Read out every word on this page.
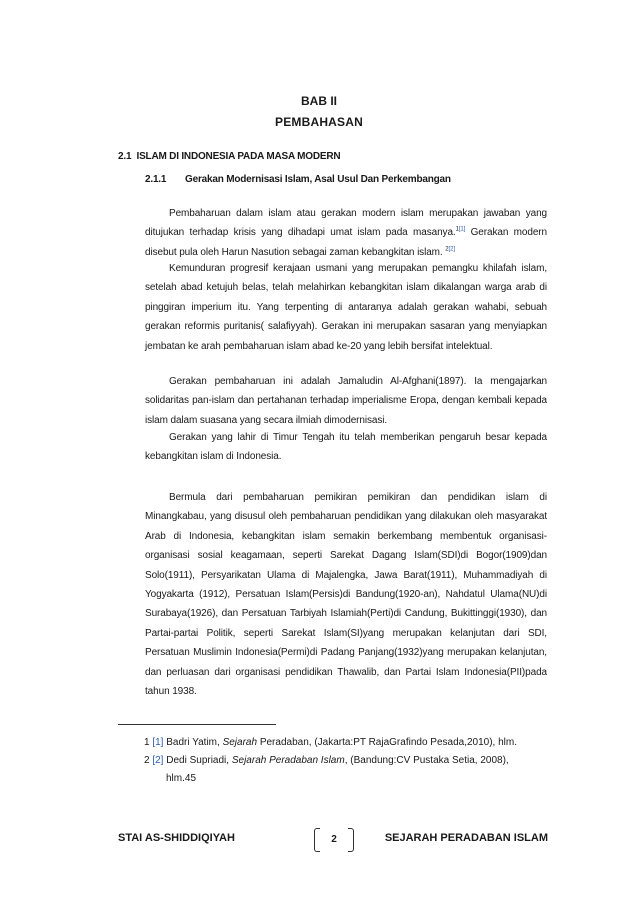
BAB II
PEMBAHASAN
2.1 ISLAM DI INDONESIA PADA MASA MODERN
2.1.1 Gerakan Modernisasi Islam, Asal Usul Dan Perkembangan

Pembaharuan dalam islam atau gerakan modern islam merupakan jawaban yang ditujukan terhadap krisis yang dihadapi umat islam pada masanya.$^{1[1]}$ Gerakan modern disebut pula oleh Harun Nasution sebagai zaman kebangkitan islam. $^{2[2]}$

Kemunduran progresif kerajaan usmani yang merupakan pemangku khilafah islam, setelah abad ketujuh belas, telah melahirkan kebangkitan islam dikalangan warga arab di pinggiran imperium itu. Yang terpenting di antaranya adalah gerakan wahabi, sebuah gerakan reformis puritanis( salafiyyah). Gerakan ini merupakan sasaran yang menyiapkan jembatan ke arah pembaharuan islam abad ke-20 yang lebih bersifat intelektual.

Gerakan pembaharuan ini adalah Jamaludin Al-Afghani(1897). Ia mengajarkan solidaritas pan-islam dan pertahanan terhadap imperialisme Eropa, dengan kembali kepada islam dalam suasana yang secara ilmiah dimodernisasi.

Gerakan yang lahir di Timur Tengah itu telah memberikan pengaruh besar kepada kebangkitan islam di Indonesia.

Bermula dari pembaharuan pemikiran pemikiran dan pendidikan islam di Minangkabau, yang disusul oleh pembaharuan pendidikan yang dilakukan oleh masyarakat Arab di Indonesia, kebangkitan islam semakin berkembang membentuk organisasi-organisasi sosial keagamaan, seperti Sarekat Dagang Islam(SDI)di Bogor(1909)dan Solo(1911), Persyarikatan Ulama di Majalengka, Jawa Barat(1911), Muhammadiyah di Yogyakarta (1912), Persatuan Islam(Persis)di Bandung(1920-an), Nahdatul Ulama(NU)di Surabaya(1926), dan Persatuan Tarbiyah Islamiah(Perti)di Candung, Bukittinggi(1930), dan Partai-partai Politik, seperti Sarekat Islam(SI)yang merupakan kelanjutan dari SDI, Persatuan Muslimin Indonesia(Permi)di Padang Panjang(1932)yang merupakan kelanjutan, dan perluasan dari organisasi pendidikan Thawalib, dan Partai Islam Indonesia(PII)pada tahun 1938.

1 [1] Badri Yatim, Sejarah Peradaban, (Jakarta:PT RajaGrafindo Pesada,2010), hlm.
2 [2] Dedi Supriadi, Sejarah Peradaban Islam, (Bandung:CV Pustaka Setia, 2008),
hlm.45
STAI AS-SHIDDIQIYAH	2	SEJARAH PERADABAN ISLAM
